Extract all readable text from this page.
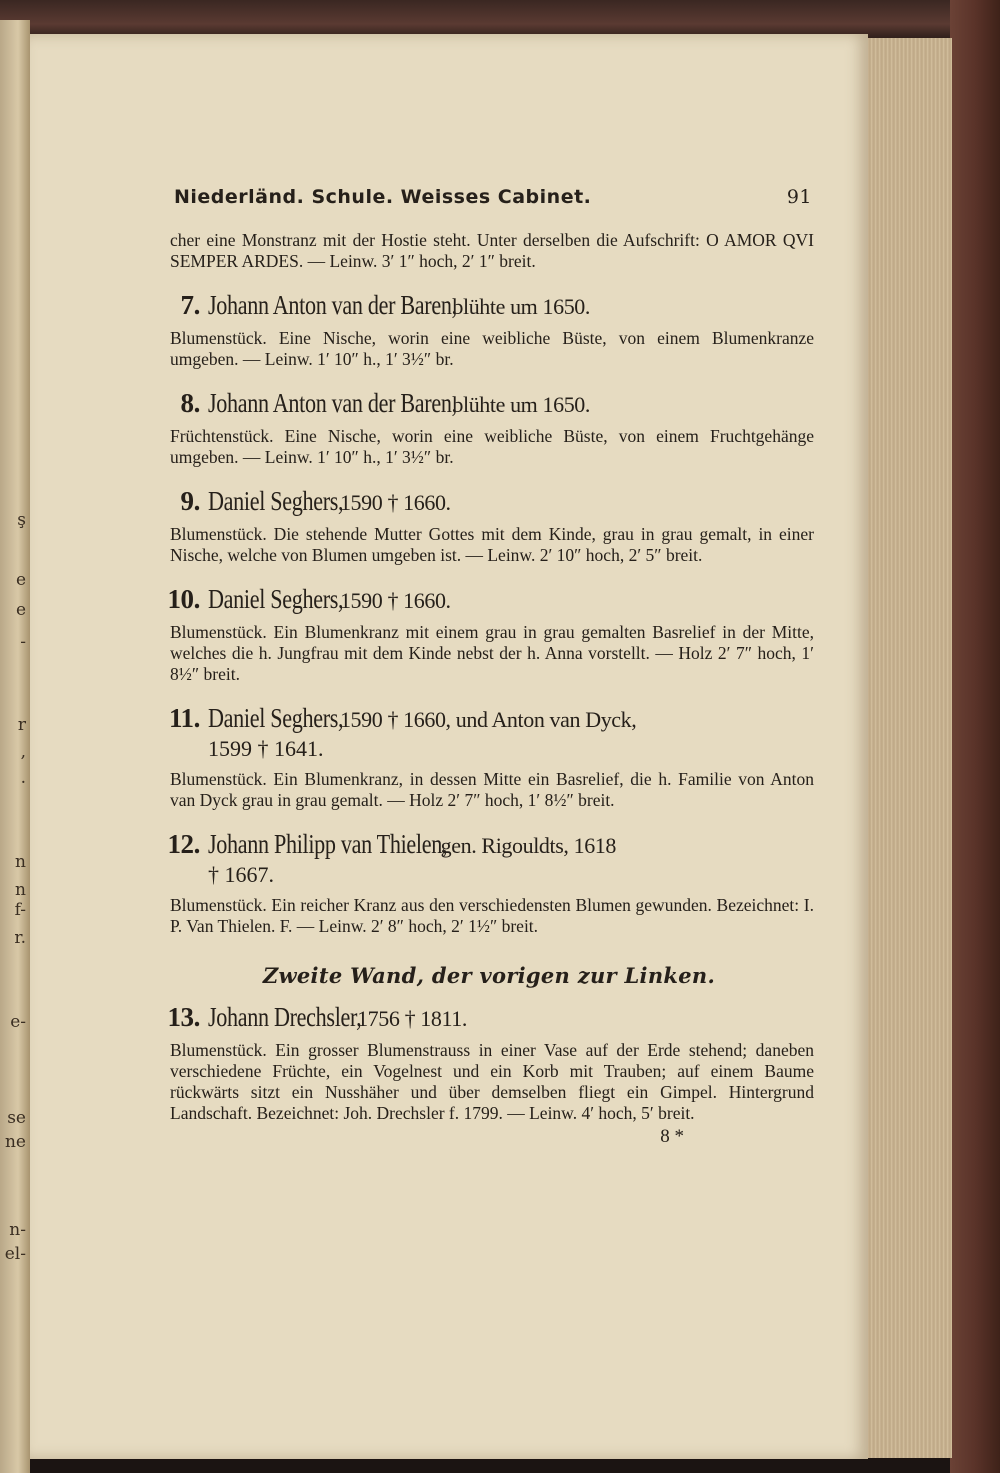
ş
e
e
-
r
,
.
n
n
f-
r.
e-
se
ne
n-
el-
Niederländ. Schule. Weisses Cabinet.	91

cher eine Monstranz mit der Hostie steht. Unter derselben die Aufschrift: O AMOR QVI SEMPER ARDES. — Leinw. 3′ 1″ hoch, 2′ 1″ breit.

7. Johann Anton van der Baren,
blühte um 1650.
Blumenstück. Eine Nische, worin eine weibliche Büste, von einem Blumenkranze umgeben. — Leinw. 1′ 10″ h., 1′ 3½″ br.
8. Johann Anton van der Baren,
blühte um 1650.
Früchtenstück. Eine Nische, worin eine weibliche Büste, von einem Fruchtgehänge umgeben. — Leinw. 1′ 10″ h., 1′ 3½″ br.
9. Daniel Seghers,
1590 † 1660.
Blumenstück. Die stehende Mutter Gottes mit dem Kinde, grau in grau gemalt, in einer Nische, welche von Blumen umgeben ist. — Leinw. 2′ 10″ hoch, 2′ 5″ breit.
10. Daniel Seghers,
1590 † 1660.
Blumenstück. Ein Blumenkranz mit einem grau in grau gemalten Basrelief in der Mitte, welches die h. Jungfrau mit dem Kinde nebst der h. Anna vorstellt. — Holz 2′ 7″ hoch, 1′ 8½″ breit.
11. Daniel Seghers,
1590 † 1660, und Anton van Dyck,
1599 † 1641.
Blumenstück. Ein Blumenkranz, in dessen Mitte ein Basrelief, die h. Familie von Anton van Dyck grau in grau gemalt. — Holz 2′ 7″ hoch, 1′ 8½″ breit.
12. Johann Philipp van Thielen,
gen. Rigouldts, 1618
† 1667.
Blumenstück. Ein reicher Kranz aus den verschiedensten Blumen gewunden. Bezeichnet: I. P. Van Thielen. F. — Leinw. 2′ 8″ hoch, 2′ 1½″ breit.
Zweite Wand, der vorigen zur Linken.
13. Johann Drechsler,
1756 † 1811.
Blumenstück. Ein grosser Blumenstrauss in einer Vase auf der Erde stehend; daneben verschiedene Früchte, ein Vogelnest und ein Korb mit Trauben; auf einem Baume rückwärts sitzt ein Nusshäher und über demselben fliegt ein Gimpel. Hintergrund Landschaft. Bezeichnet: Joh. Drechsler f. 1799. — Leinw. 4′ hoch, 5′ breit.
8 *
